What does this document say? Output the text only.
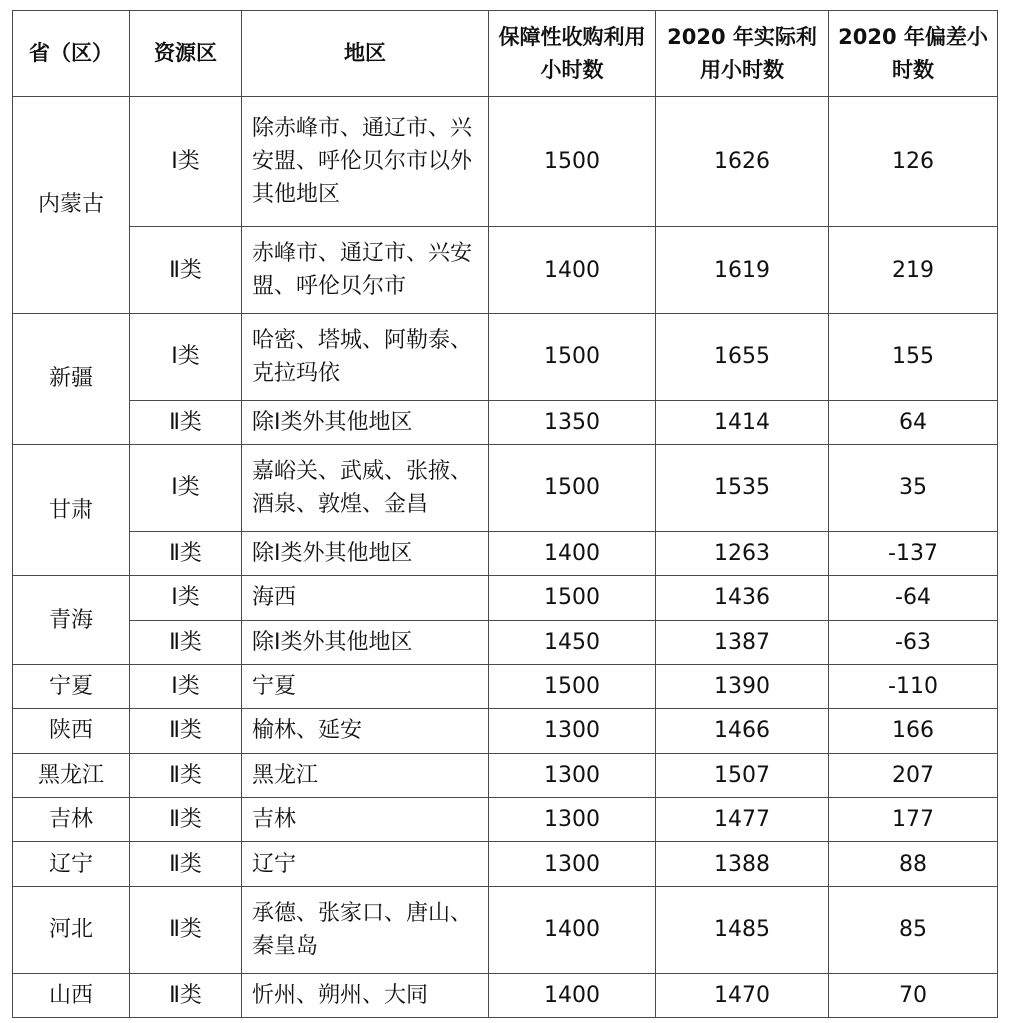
省（区）	资源区	地区	保障性收购利用小时数	2020 年实际利用小时数	2020 年偏差小时数
内蒙古	Ⅰ类	除赤峰市、通辽市、兴安盟、呼伦贝尔市以外其他地区	1500	1626	126
	Ⅱ类	赤峰市、通辽市、兴安盟、呼伦贝尔市	1400	1619	219
新疆	Ⅰ类	哈密、塔城、阿勒泰、克拉玛依	1500	1655	155
	Ⅱ类	除Ⅰ类外其他地区	1350	1414	64
甘肃	Ⅰ类	嘉峪关、武威、张掖、酒泉、敦煌、金昌	1500	1535	35
	Ⅱ类	除Ⅰ类外其他地区	1400	1263	-137
青海	Ⅰ类	海西	1500	1436	-64
	Ⅱ类	除Ⅰ类外其他地区	1450	1387	-63
宁夏	Ⅰ类	宁夏	1500	1390	-110
陕西	Ⅱ类	榆林、延安	1300	1466	166
黑龙江	Ⅱ类	黑龙江	1300	1507	207
吉林	Ⅱ类	吉林	1300	1477	177
辽宁	Ⅱ类	辽宁	1300	1388	88
河北	Ⅱ类	承德、张家口、唐山、秦皇岛	1400	1485	85
山西	Ⅱ类	忻州、朔州、大同	1400	1470	70
